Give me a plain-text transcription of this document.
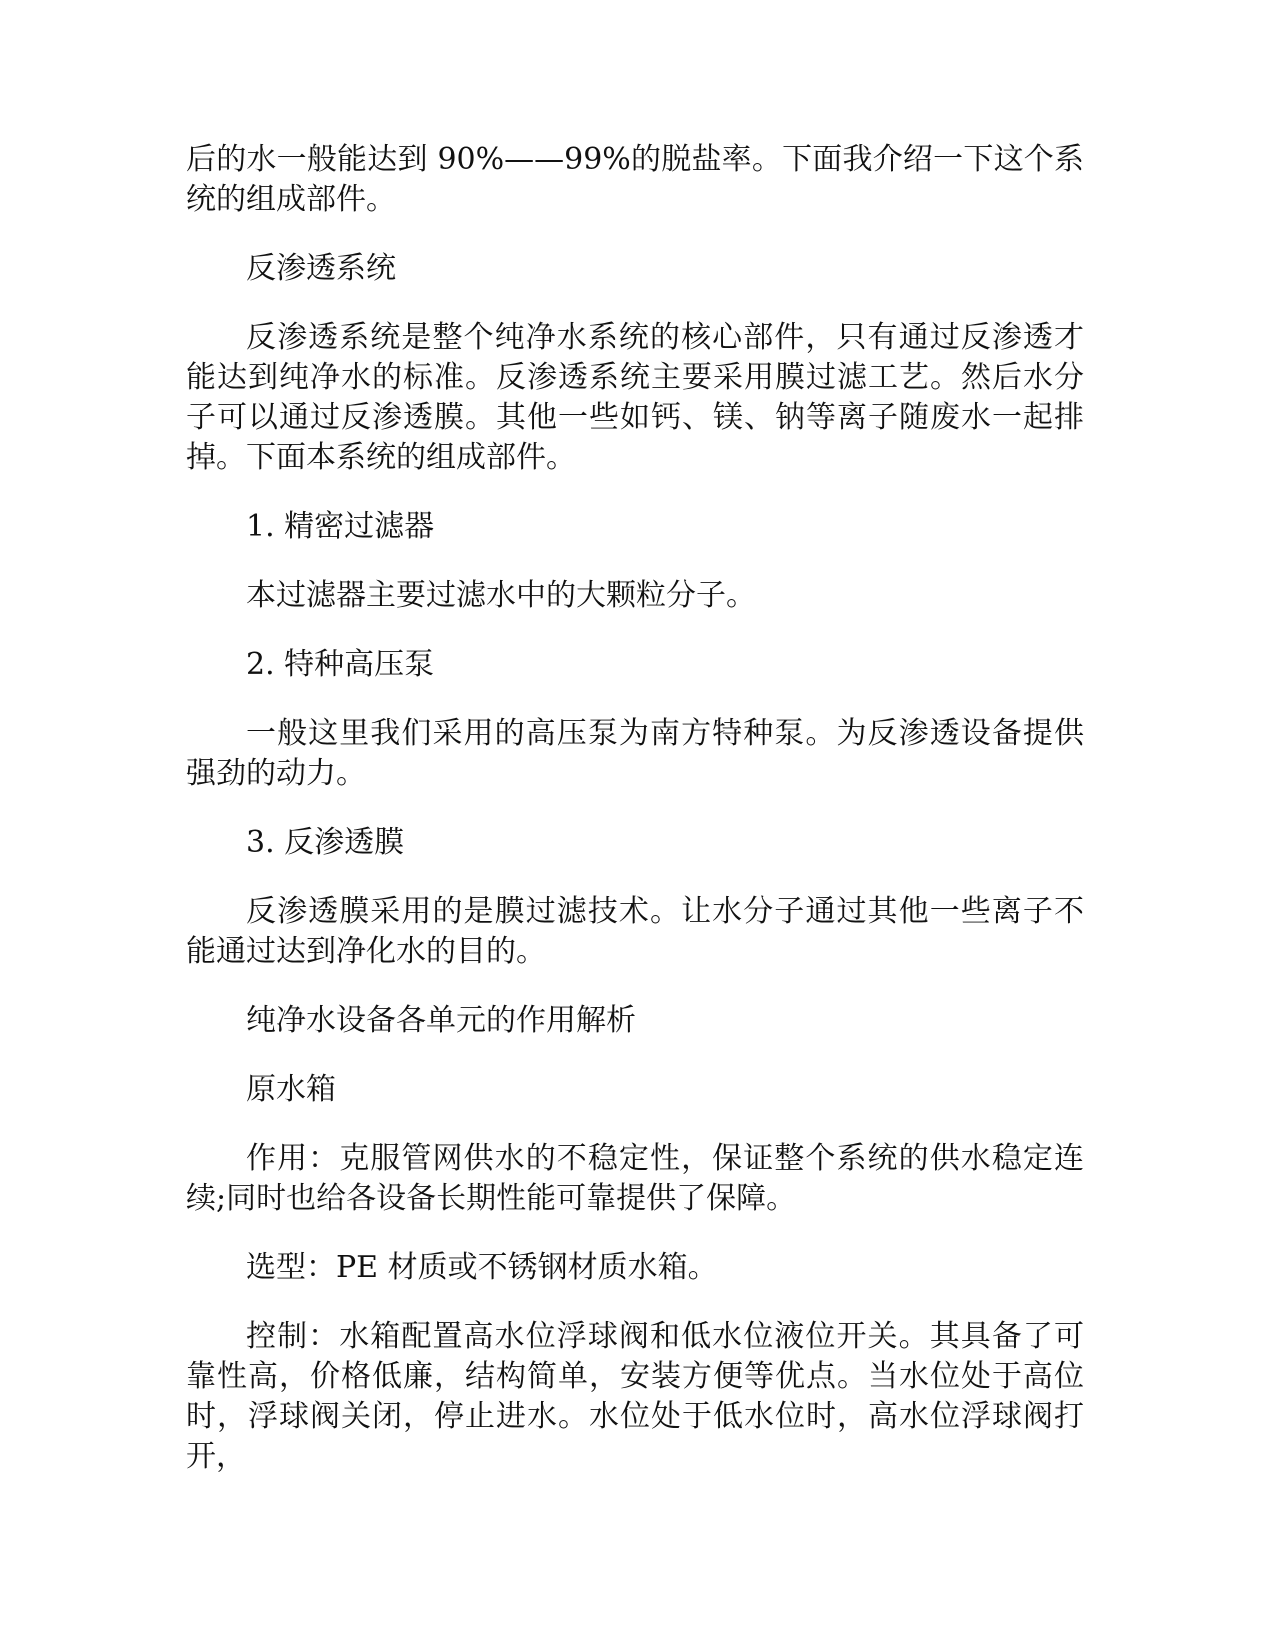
后的水一般能达到 90%——99%的脱盐率。下面我介绍一下这个系统的组成部件。

反渗透系统

反渗透系统是整个纯净水系统的核心部件，只有通过反渗透才能达到纯净水的标准。反渗透系统主要采用膜过滤工艺。然后水分子可以通过反渗透膜。其他一些如钙、镁、钠等离子随废水一起排掉。下面本系统的组成部件。

1. 精密过滤器

本过滤器主要过滤水中的大颗粒分子。

2. 特种高压泵

一般这里我们采用的高压泵为南方特种泵。为反渗透设备提供强劲的动力。

3. 反渗透膜

反渗透膜采用的是膜过滤技术。让水分子通过其他一些离子不能通过达到净化水的目的。

纯净水设备各单元的作用解析

原水箱

作用：克服管网供水的不稳定性，保证整个系统的供水稳定连续;同时也给各设备长期性能可靠提供了保障。

选型：PE 材质或不锈钢材质水箱。

控制：水箱配置高水位浮球阀和低水位液位开关。其具备了可靠性高，价格低廉，结构简单，安装方便等优点。当水位处于高位时，浮球阀关闭，停止进水。水位处于低水位时，高水位浮球阀打开，
